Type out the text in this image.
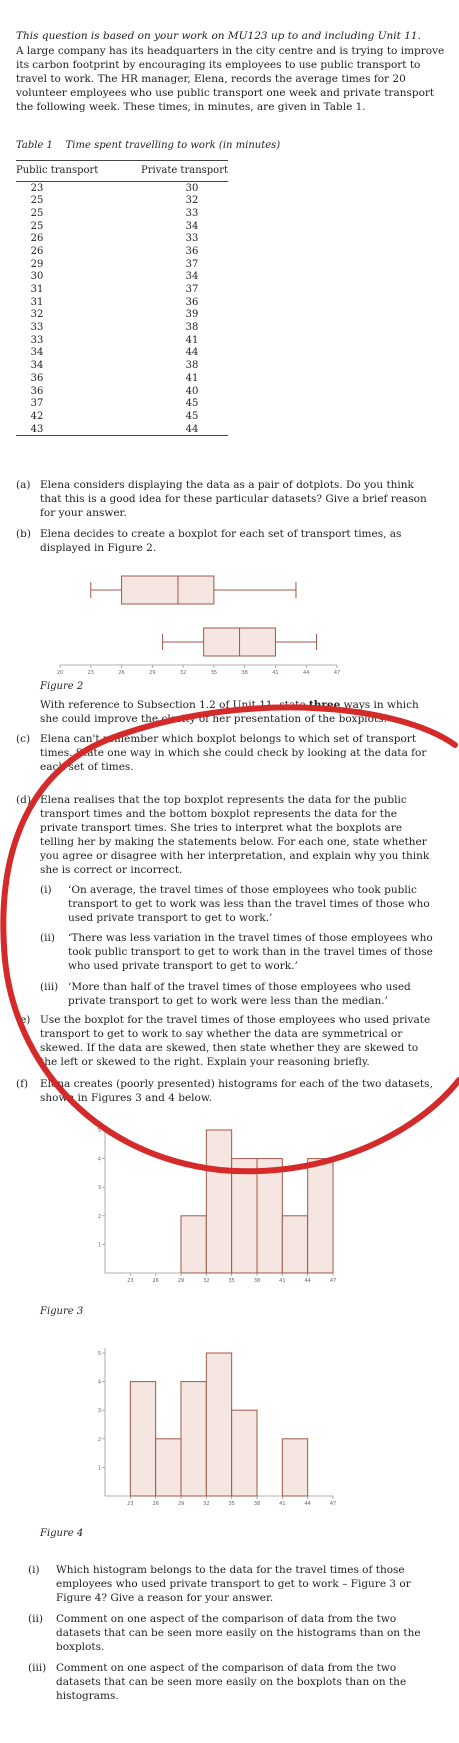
This question is based on your work on MU123 up to and including Unit 11.
A large company has its headquarters in the city centre and is trying to improve its carbon footprint by encouraging its employees to use public transport to travel to work. The HR manager, Elena, records the average times for 20 volunteer employees who use public transport one week and private transport the following week. These times, in minutes, are given in Table 1.
Table 1    Time spent travelling to work (in minutes)
Public transport	Private transport
23	30
25	32
25	33
25	34
26	33
26	36
29	37
30	34
31	37
31	36
32	39
33	38
33	41
34	44
34	38
36	41
36	40
37	45
42	45
43	44
(a) Elena considers displaying the data as a pair of dotplots. Do you think that this is a good idea for these particular datasets? Give a brief reason for your answer.
(b) Elena decides to create a boxplot for each set of transport times, as displayed in Figure 2.
20	23	26	29	32	35	38	41	44	47
Figure 2
With reference to Subsection 1.2 of Unit 11, state three ways in which she could improve the clarity of her presentation of the boxplots.
(c) Elena can't remember which boxplot belongs to which set of transport times. State one way in which she could check by looking at the data for each set of times.
(d) Elena realises that the top boxplot represents the data for the public transport times and the bottom boxplot represents the data for the private transport times. She tries to interpret what the boxplots are telling her by making the statements below. For each one, state whether you agree or disagree with her interpretation, and explain why you think she is correct or incorrect.
(i) ‘On average, the travel times of those employees who took public transport to get to work was less than the travel times of those who used private transport to get to work.’
(ii) ‘There was less variation in the travel times of those employees who took public transport to get to work than in the travel times of those who used private transport to get to work.’
(iii) ‘More than half of the travel times of those employees who used private transport to get to work were less than the median.’
(e) Use the boxplot for the travel times of those employees who used private transport to get to work to say whether the data are symmetrical or skewed. If the data are skewed, then state whether they are skewed to the left or skewed to the right. Explain your reasoning briefly.
(f) Elena creates (poorly presented) histograms for each of the two datasets, shown in Figures 3 and 4 below.
1
2
3
4
5
23	26	29	32	35	38	41	44	47
Figure 3
1
2
3
4
5
23	26	29	32	35	38	41	44	47
Figure 4
(i) Which histogram belongs to the data for the travel times of those employees who used private transport to get to work – Figure 3 or Figure 4? Give a reason for your answer.
(ii) Comment on one aspect of the comparison of data from the two datasets that can be seen more easily on the histograms than on the boxplots.
(iii) Comment on one aspect of the comparison of data from the two datasets that can be seen more easily on the boxplots than on the histograms.
